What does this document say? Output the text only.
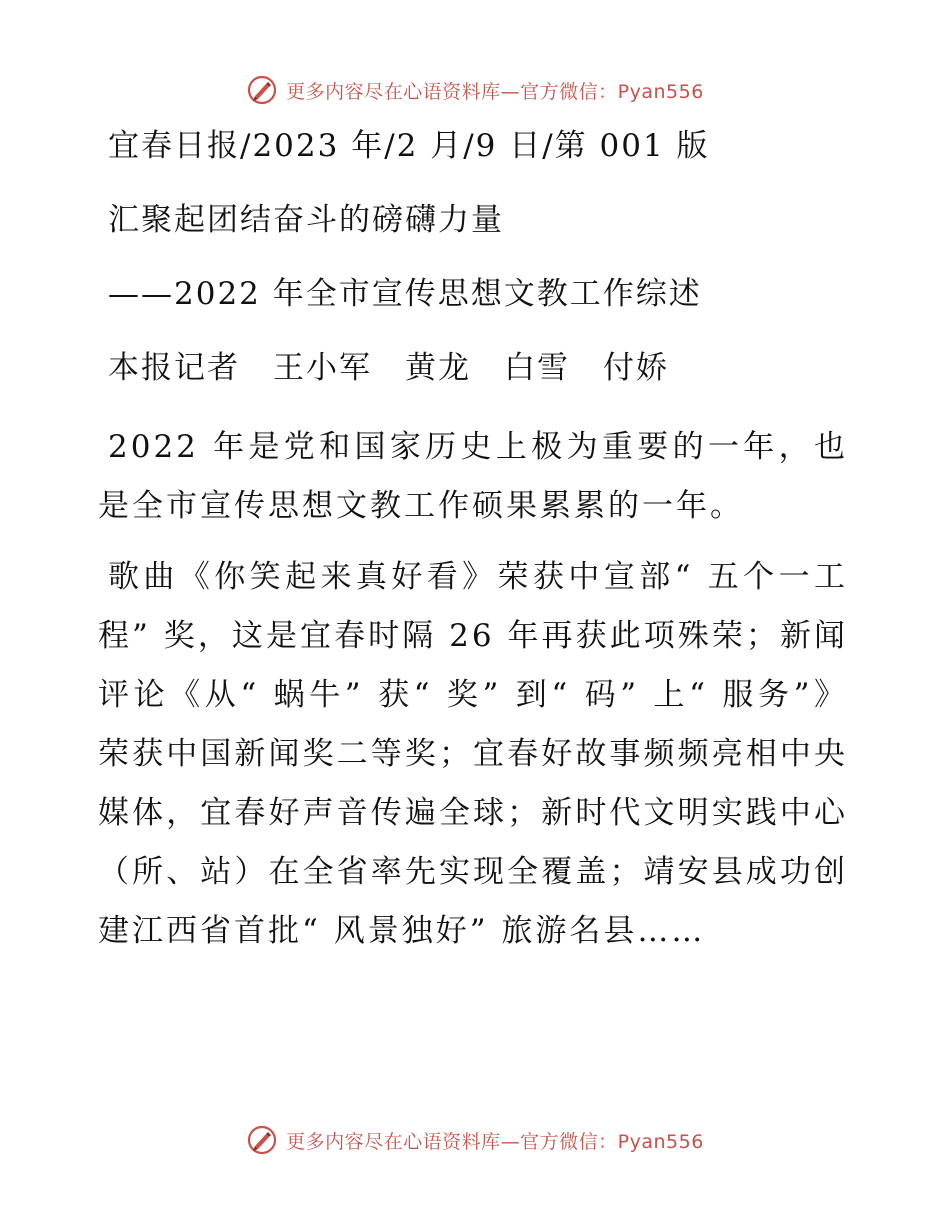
更多内容尽在心语资料库—官方微信：Pyan556
宜春日报/2023 年/2 月/9 日/第 001 版
汇聚起团结奋斗的磅礴力量
——2022 年全市宣传思想文教工作综述
本报记者　王小军　黄龙　白雪　付娇

2022 年是党和国家历史上极为重要的一年，也是全市宣传思想文教工作硕果累累的一年。

歌曲《你笑起来真好看》荣获中宣部“ 五个一工程” 奖，这是宜春时隔 26 年再获此项殊荣；新闻评论《从“ 蜗牛” 获“ 奖” 到“ 码” 上“ 服务”》荣获中国新闻奖二等奖；宜春好故事频频亮相中央媒体，宜春好声音传遍全球；新时代文明实践中心（所、站）在全省率先实现全覆盖；靖安县成功创建江西省首批“ 风景独好” 旅游名县……

更多内容尽在心语资料库—官方微信：Pyan556
